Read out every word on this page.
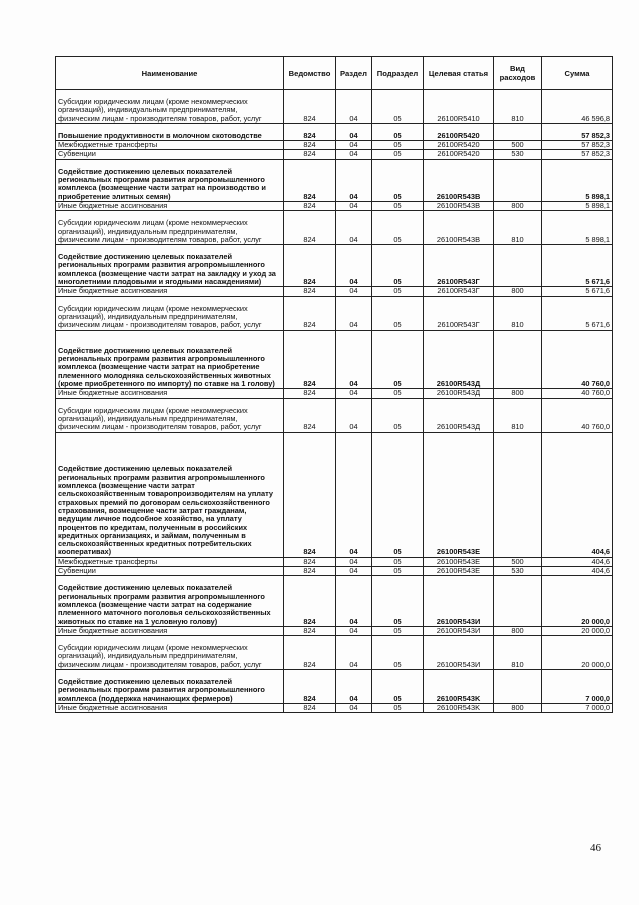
Наименование	Ведомство	Раздел	Подраздел	Целевая статья	Вид расходов	Сумма
Субсидии юридическим лицам (кроме некоммерческих организаций), индивидуальным предпринимателям, физическим лицам - производителям товаров, работ, услуг	824	04	05	26100R5410	810	46 596,8
Повышение продуктивности в молочном скотоводстве	824	04	05	26100R5420		57 852,3
Межбюджетные трансферты	824	04	05	26100R5420	500	57 852,3
Субвенции	824	04	05	26100R5420	530	57 852,3
Содействие достижению целевых показателей региональных программ развития агропромышленного комплекса (возмещение части затрат на производство и приобретение элитных семян)	824	04	05	26100R543B		5 898,1
Иные бюджетные ассигнования	824	04	05	26100R543B	800	5 898,1
Субсидии юридическим лицам (кроме некоммерческих организаций), индивидуальным предпринимателям, физическим лицам - производителям товаров, работ, услуг	824	04	05	26100R543B	810	5 898,1
Содействие достижению целевых показателей региональных программ развития агропромышленного комплекса (возмещение части затрат на закладку и уход за многолетними плодовыми и ягодными насаждениями)	824	04	05	26100R543Г		5 671,6
Иные бюджетные ассигнования	824	04	05	26100R543Г	800	5 671,6
Субсидии юридическим лицам (кроме некоммерческих организаций), индивидуальным предпринимателям, физическим лицам - производителям товаров, работ, услуг	824	04	05	26100R543Г	810	5 671,6
Содействие достижению целевых показателей региональных программ развития агропромышленного комплекса (возмещение части затрат на приобретение племенного молодняка сельскохозяйственных животных (кроме приобретенного по импорту) по ставке на 1 голову)	824	04	05	26100R543Д		40 760,0
Иные бюджетные ассигнования	824	04	05	26100R543Д	800	40 760,0
Субсидии юридическим лицам (кроме некоммерческих организаций), индивидуальным предпринимателям, физическим лицам - производителям товаров, работ, услуг	824	04	05	26100R543Д	810	40 760,0
Содействие достижению целевых показателей региональных программ развития агропромышленного комплекса (возмещение части затрат сельскохозяйственным товаропроизводителям на уплату страховых премий по договорам сельскохозяйственного страхования, возмещение части затрат гражданам, ведущим личное подсобное хозяйство, на уплату процентов по кредитам, полученным в российских кредитных организациях, и займам, полученным в сельскохозяйственных кредитных потребительских кооперативах)	824	04	05	26100R543E		404,6
Межбюджетные трансферты	824	04	05	26100R543E	500	404,6
Субвенции	824	04	05	26100R543E	530	404,6
Содействие достижению целевых показателей региональных программ развития агропромышленного комплекса (возмещение части затрат на содержание племенного маточного поголовья сельскохозяйственных животных по ставке на 1 условную голову)	824	04	05	26100R543И		20 000,0
Иные бюджетные ассигнования	824	04	05	26100R543И	800	20 000,0
Субсидии юридическим лицам (кроме некоммерческих организаций), индивидуальным предпринимателям, физическим лицам - производителям товаров, работ, услуг	824	04	05	26100R543И	810	20 000,0
Содействие достижению целевых показателей региональных программ развития агропромышленного комплекса (поддержка начинающих фермеров)	824	04	05	26100R543K		7 000,0
Иные бюджетные ассигнования	824	04	05	26100R543K	800	7 000,0
46
